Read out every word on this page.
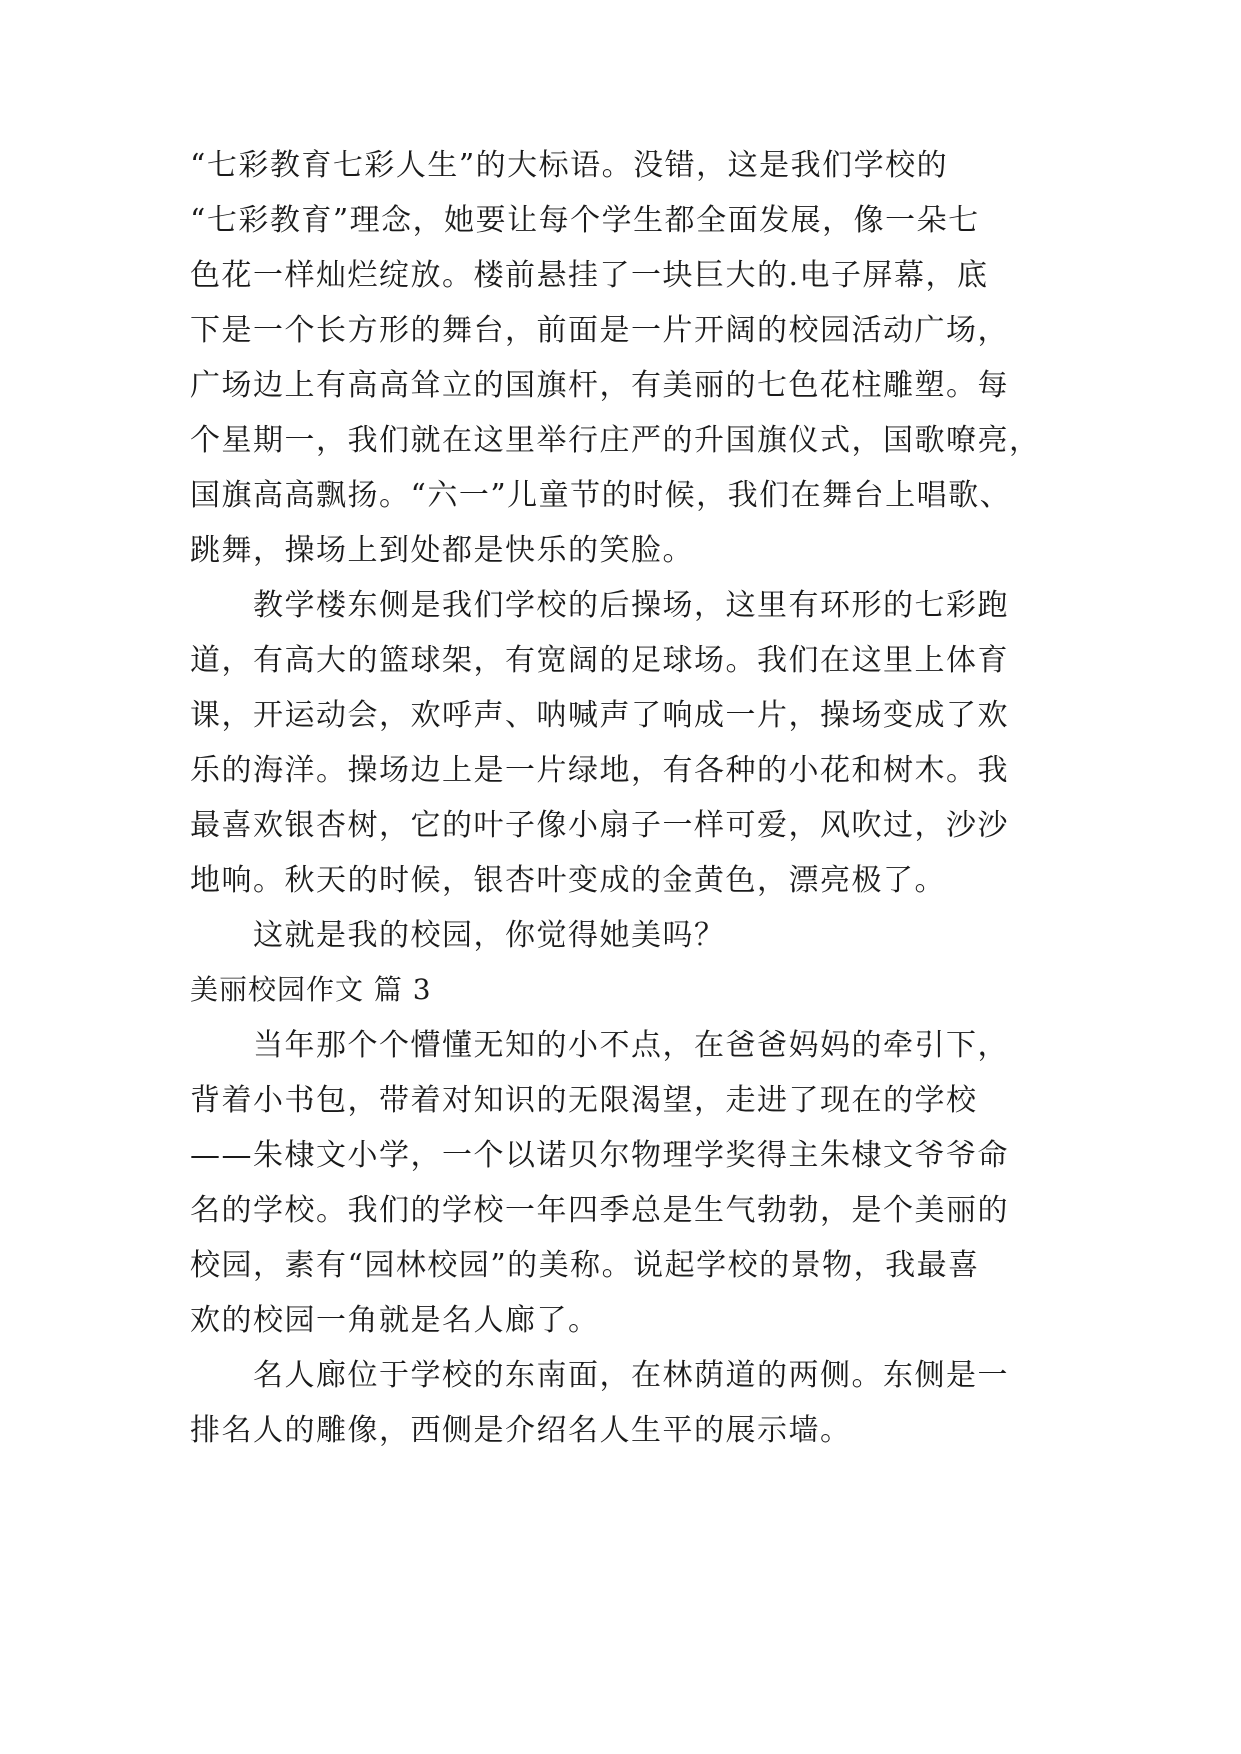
“七彩教育七彩人生”的大标语。没错，这是我们学校的
“七彩教育”理念，她要让每个学生都全面发展，像一朵七
色花一样灿烂绽放。楼前悬挂了一块巨大的.电子屏幕，底
下是一个长方形的舞台，前面是一片开阔的校园活动广场，
广场边上有高高耸立的国旗杆，有美丽的七色花柱雕塑。每
个星期一，我们就在这里举行庄严的升国旗仪式，国歌嘹亮，
国旗高高飘扬。“六一”儿童节的时候，我们在舞台上唱歌、
跳舞，操场上到处都是快乐的笑脸。
　　教学楼东侧是我们学校的后操场，这里有环形的七彩跑
道，有高大的篮球架，有宽阔的足球场。我们在这里上体育
课，开运动会，欢呼声、呐喊声了响成一片，操场变成了欢
乐的海洋。操场边上是一片绿地，有各种的小花和树木。我
最喜欢银杏树，它的叶子像小扇子一样可爱，风吹过，沙沙
地响。秋天的时候，银杏叶变成的金黄色，漂亮极了。
　　这就是我的校园，你觉得她美吗？
美丽校园作文 篇 3
　　当年那个个懵懂无知的小不点，在爸爸妈妈的牵引下，
背着小书包，带着对知识的无限渴望，走进了现在的学校
——朱棣文小学，一个以诺贝尔物理学奖得主朱棣文爷爷命
名的学校。我们的学校一年四季总是生气勃勃，是个美丽的
校园，素有“园林校园”的美称。说起学校的景物，我最喜
欢的校园一角就是名人廊了。
　　名人廊位于学校的东南面，在林荫道的两侧。东侧是一
排名人的雕像，西侧是介绍名人生平的展示墙。
